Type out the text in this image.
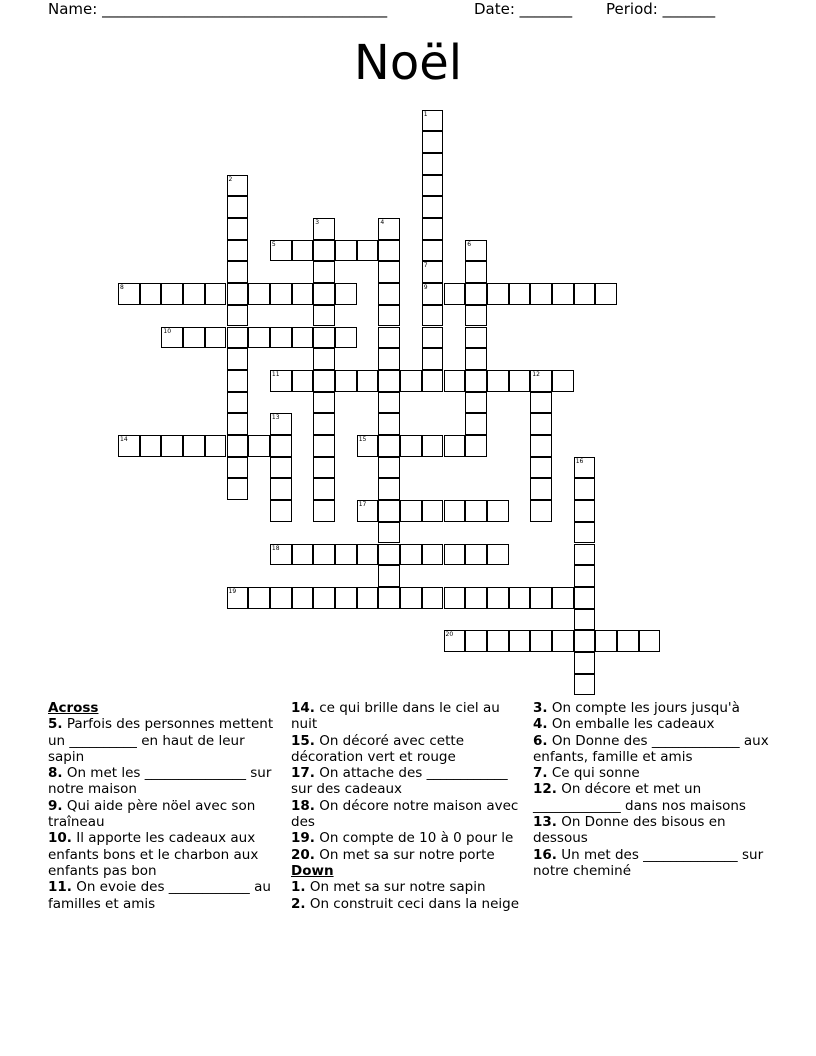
Name: ______________________________________	Date: _______ Period: _______
Noël
1
7
9
2
3	4
5	6
8
10
11	12
13
14	15
16
17
18
19
20
Across
5. Parfois des personnes mettent un __________ en haut de leur sapin
8. On met les _______________ sur notre maison
9. Qui aide père nöel avec son traîneau
10. Il apporte les cadeaux aux enfants bons et le charbon aux enfants pas bon
11. On evoie des ____________ au familles et amis
14. ce qui brille dans le ciel au nuit
15. On décoré avec cette décoration vert et rouge
17. On attache des ____________ sur des cadeaux
18. On décore notre maison avec des
19. On compte de 10 à 0 pour le
20. On met sa sur notre porte
Down
1. On met sa sur notre sapin
2. On construit ceci dans la neige
3. On compte les jours jusqu'à
4. On emballe les cadeaux
6. On Donne des _____________ aux enfants, famille et amis
7. Ce qui sonne
12. On décore et met un _____________ dans nos maisons
13. On Donne des bisous en dessous
16. Un met des ______________ sur notre cheminé
